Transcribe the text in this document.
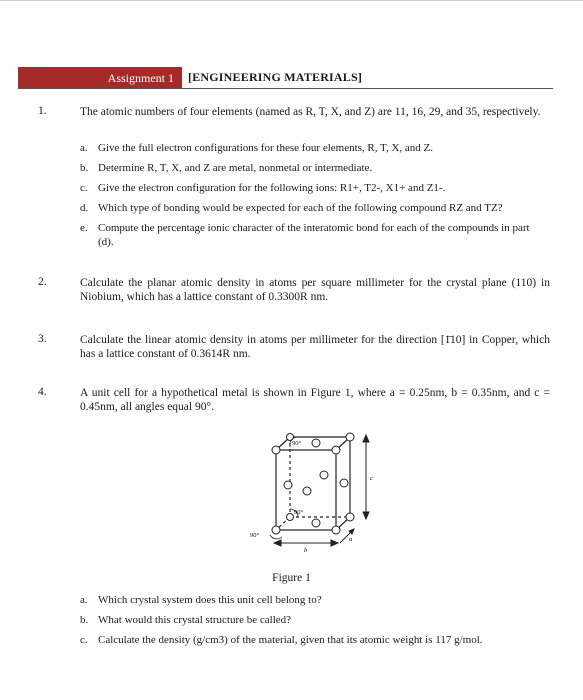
Assignment 1	[ENGINEERING MATERIALS]
1.	The atomic numbers of four elements (named as R, T, X, and Z) are 11, 16, 29, and 35, respectively.
a. Give the full electron configurations for these four elements, R, T, X, and Z.
b. Determine R, T, X, and Z are metal, nonmetal or intermediate.
c. Give the electron configuration for the following ions: R1+, T2-, X1+ and Z1-.
d. Which type of bonding would be expected for each of the following compound RZ and TZ?
e. Compute the percentage ionic character of the interatomic bond for each of the compounds in part (d).
2.	Calculate the planar atomic density in atoms per square millimeter for the crystal plane (110) in Niobium, which has a lattice constant of 0.3300R nm.
3.	Calculate the linear atomic density in atoms per millimeter for the direction [1̄10] in Copper, which has a lattice constant of 0.3614R nm.
4.	A unit cell for a hypothetical metal is shown in Figure 1, where a = 0.25nm, b = 0.35nm, and c = 0.45nm, all angles equal 90°.
90°
90°
90°
c
b
a
Figure 1
a. Which crystal system does this unit cell belong to?
b. What would this crystal structure be called?
c. Calculate the density (g/cm3) of the material, given that its atomic weight is 117 g/mol.
